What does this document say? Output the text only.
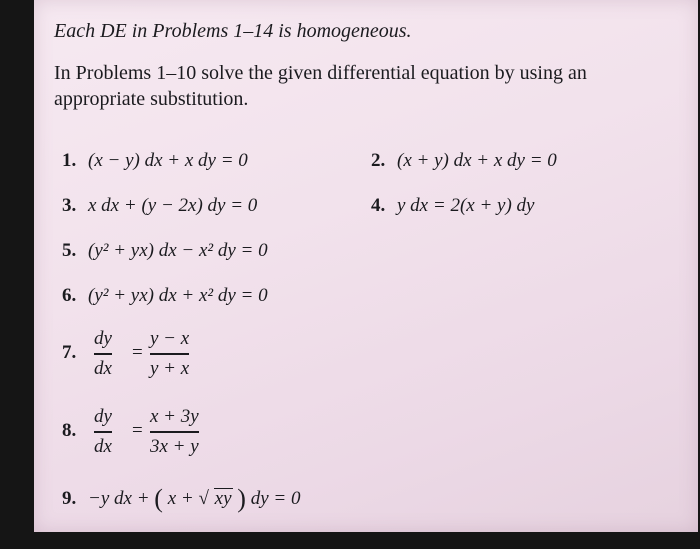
Each DE in Problems 1–14 is homogeneous.
In Problems 1–10 solve the given differential equation by using an appropriate substitution.
1. (x − y) dx + x dy = 0	2. (x + y) dx + x dy = 0
3. x dx + (y − 2x) dy = 0	4. y dx = 2(x + y) dy
5. (y² + yx) dx − x² dy = 0
6. (y² + yx) dx + x² dy = 0
7.
dy
dx
=
y − x
y + x
8.
dy
dx
=
x + 3y
3x + y
9. −y dx + ( x + √ xy ) dy = 0
